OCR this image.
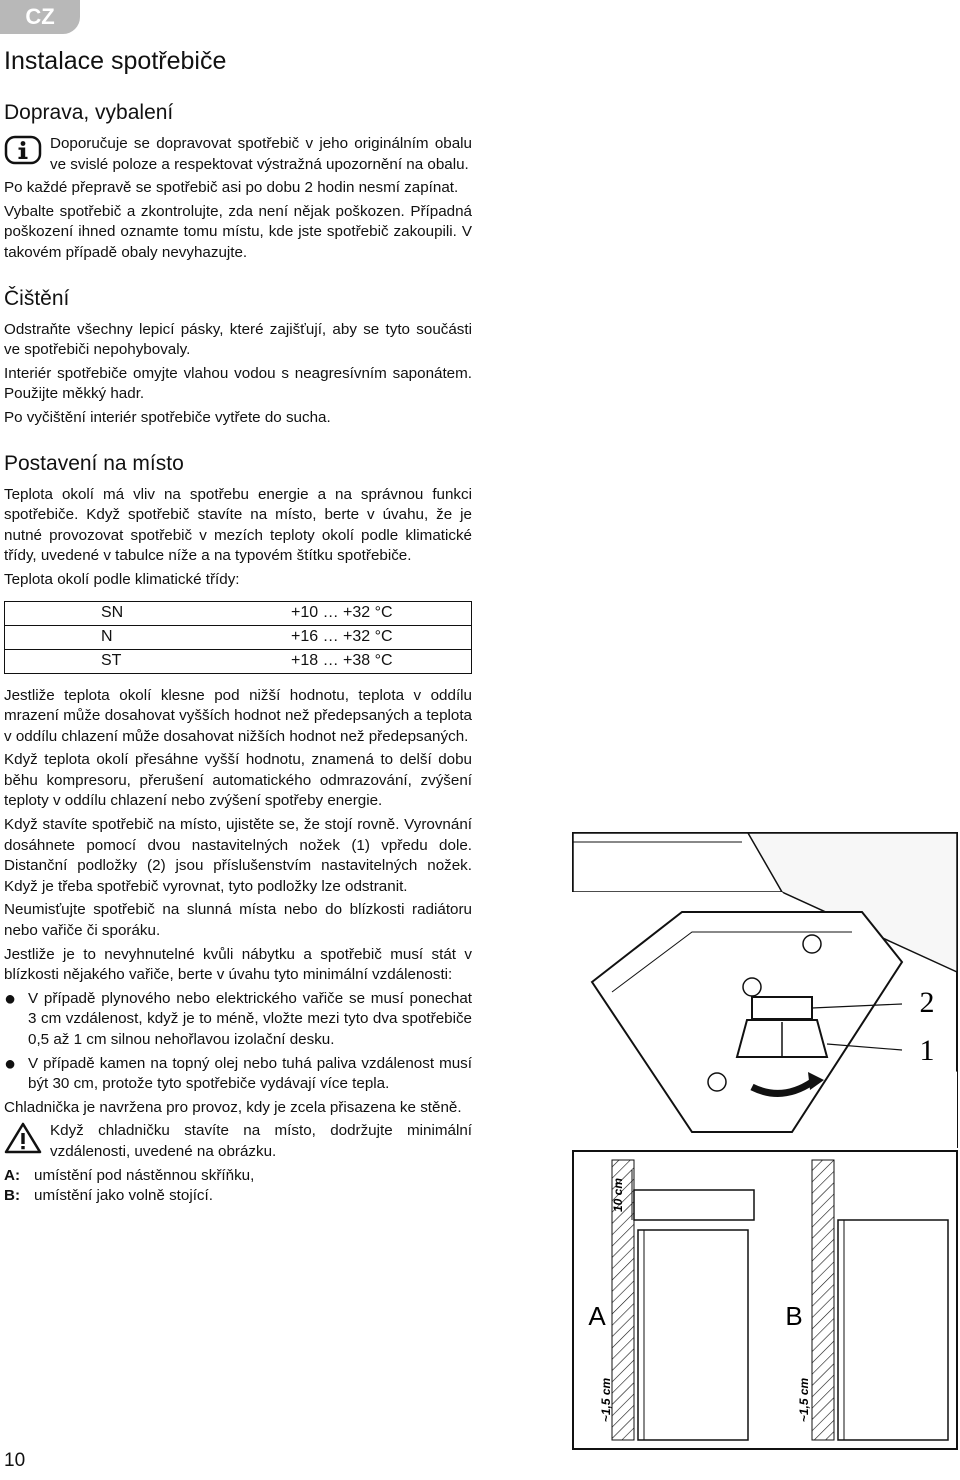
CZ
Instalace spotřebiče
Doprava, vybalení

Doporučuje se dopravovat spotřebič v jeho originálním obalu ve svislé poloze a respektovat výstražná upozornění na obalu.

Po každé přepravě se spotřebič asi po dobu 2 hodin nesmí zapínat.

Vybalte spotřebič a zkontrolujte, zda není nějak poškozen. Případná poškození ihned oznamte tomu místu, kde jste spotřebič zakoupili. V takovém případě obaly nevyhazujte.

Čištění

Odstraňte všechny lepicí pásky, které zajišťují, aby se tyto součásti ve spotřebiči nepohybovaly.

Interiér spotřebiče omyjte vlahou vodou s neagresívním saponátem. Použijte měkký hadr.

Po vyčištění interiér spotřebiče vytřete do sucha.

Postavení na místo

Teplota okolí má vliv na spotřebu energie a na správnou funkci spotřebiče. Když spotřebič stavíte na místo, berte v úvahu, že je nutné provozovat spotřebič v mezích teploty okolí podle klimatické třídy, uvedené v tabulce níže a na typovém štítku spotřebiče.

Teplota okolí podle klimatické třídy:

SN	+10 … +32 °C
N	+16 … +32 °C
ST	+18 … +38 °C

Jestliže teplota okolí klesne pod nižší hodnotu, teplota v oddílu mrazení může dosahovat vyšších hodnot než předepsaných a teplota v oddílu chlazení může dosahovat nižších hodnot než předepsaných.

Když teplota okolí přesáhne vyšší hodnotu, znamená to delší dobu běhu kompresoru, přerušení automatického odmrazování, zvýšení teploty v oddílu chlazení nebo zvýšení spotřeby energie.

Když stavíte spotřebič na místo, ujistěte se, že stojí rovně. Vyrovnání dosáhnete pomocí dvou nastavitelných nožek (1) vpředu dole. Distanční podložky (2) jsou příslušenstvím nastavitelných nožek. Když je třeba spotřebič vyrovnat, tyto podložky lze odstranit.

Neumisťujte spotřebič na slunná místa nebo do blízkosti radiátoru nebo vařiče či sporáku.

Jestliže je to nevyhnutelné kvůli nábytku a spotřebič musí stát v blízkosti nějakého vařiče, berte v úvahu tyto minimální vzdálenosti:

● V případě plynového nebo elektrického vařiče se musí ponechat 3 cm vzdálenost, když je to méně, vložte mezi tyto dva spotřebiče 0,5 až 1 cm silnou nehořlavou izolační desku.
● V případě kamen na topný olej nebo tuhá paliva vzdálenost musí být 30 cm, protože tyto spotřebiče vydávají více tepla.

Chladnička je navržena pro provoz, kdy je zcela přisazena ke stěně.

Když chladničku stavíte na místo, dodržujte minimální vzdálenosti, uvedené na obrázku.

A: umístění pod nástěnnou skříňku,
B: umístění jako volně stojící.
2
1
10 cm
A
~1,5 cm
B
~1,5 cm
10
